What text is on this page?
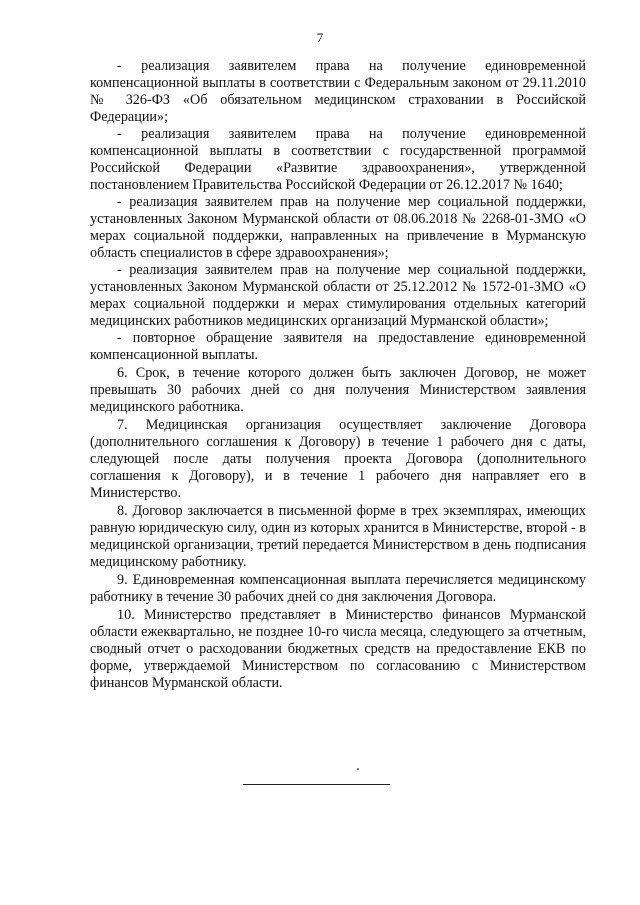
7

- реализация заявителем права на получение единовременной компенсационной выплаты в соответствии с Федеральным законом от 29.11.2010 № 326-ФЗ «Об обязательном медицинском страховании в Российской Федерации»;

- реализация заявителем права на получение единовременной компенсационной выплаты в соответствии с государственной программой Российской Федерации «Развитие здравоохранения», утвержденной постановлением Правительства Российской Федерации от 26.12.2017 № 1640;

- реализация заявителем прав на получение мер социальной поддержки, установленных Законом Мурманской области от 08.06.2018 № 2268-01-ЗМО «О мерах социальной поддержки, направленных на привлечение в Мурманскую область специалистов в сфере здравоохранения»;

- реализация заявителем прав на получение мер социальной поддержки, установленных Законом Мурманской области от 25.12.2012 № 1572-01-ЗМО «О мерах социальной поддержки и мерах стимулирования отдельных категорий медицинских работников медицинских организаций Мурманской области»;

- повторное обращение заявителя на предоставление единовременной компенсационной выплаты.

6. Срок, в течение которого должен быть заключен Договор, не может превышать 30 рабочих дней со дня получения Министерством заявления медицинского работника.

7. Медицинская организация осуществляет заключение Договора (дополнительного соглашения к Договору) в течение 1 рабочего дня с даты, следующей после даты получения проекта Договора (дополнительного соглашения к Договору), и в течение 1 рабочего дня направляет его в Министерство.

8. Договор заключается в письменной форме в трех экземплярах, имеющих равную юридическую силу, один из которых хранится в Министерстве, второй - в медицинской организации, третий передается Министерством в день подписания медицинскому работнику.

9. Единовременная компенсационная выплата перечисляется медицинскому работнику в течение 30 рабочих дней со дня заключения Договора.

10. Министерство представляет в Министерство финансов Мурманской области ежеквартально, не позднее 10-го числа месяца, следующего за отчетным, сводный отчет о расходовании бюджетных средств на предоставление ЕКВ по форме, утверждаемой Министерством по согласованию с Министерством финансов Мурманской области.
